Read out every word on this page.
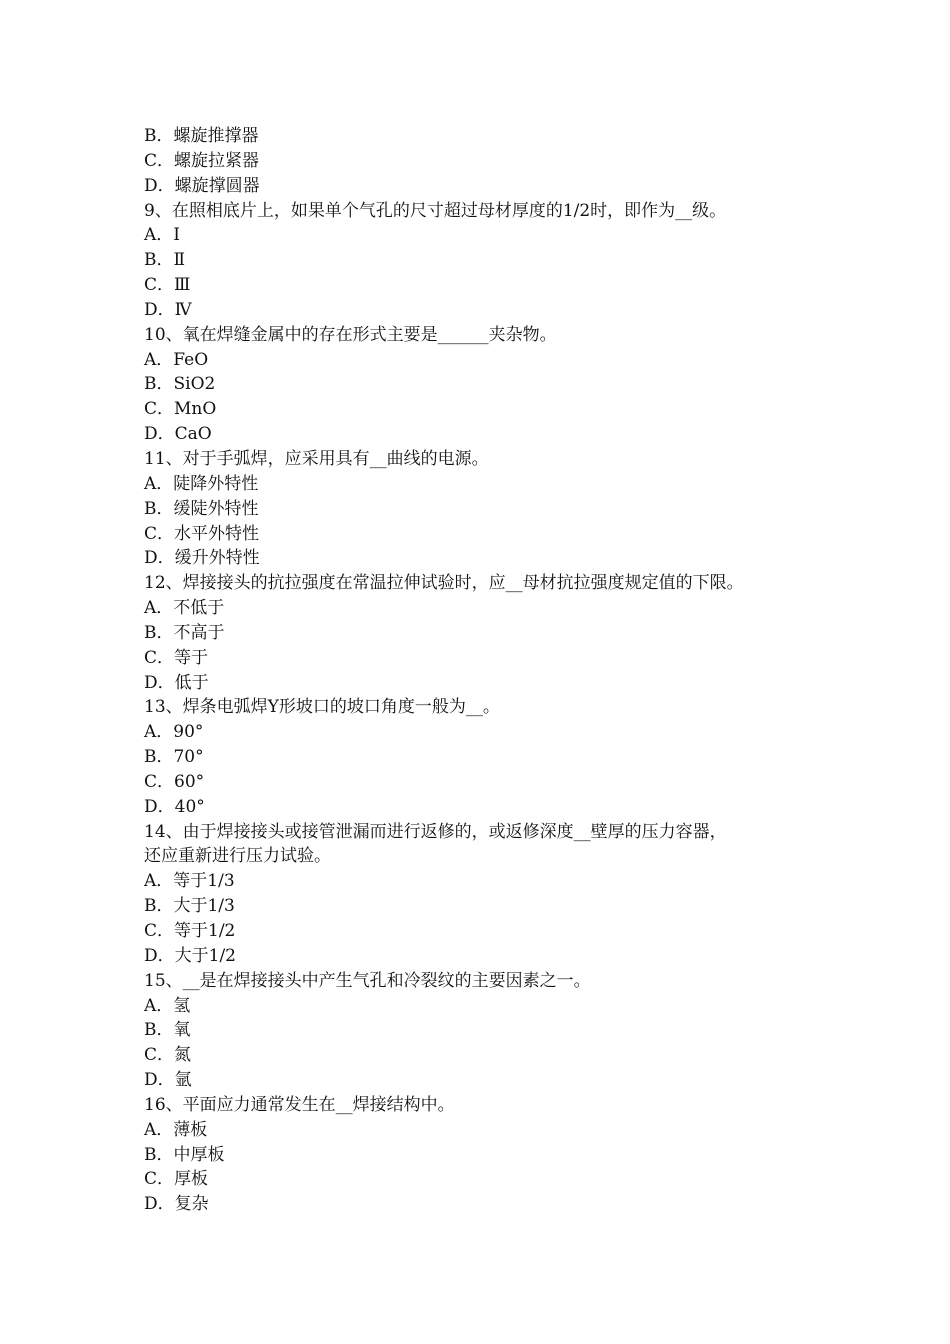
B．螺旋推撑器
C．螺旋拉紧器
D．螺旋撑圆器
9、在照相底片上，如果单个气孔的尺寸超过母材厚度的1/2时，即作为__级。
A．Ⅰ
B．Ⅱ
C．Ⅲ
D．Ⅳ
10、氧在焊缝金属中的存在形式主要是______夹杂物。
A．FeO
B．SiO2
C．MnO
D．CaO
11、对于手弧焊，应采用具有__曲线的电源。
A．陡降外特性
B．缓陡外特性
C．水平外特性
D．缓升外特性
12、焊接接头的抗拉强度在常温拉伸试验时，应__母材抗拉强度规定值的下限。
A．不低于
B．不高于
C．等于
D．低于
13、焊条电弧焊Y形坡口的坡口角度一般为__。
A．90°
B．70°
C．60°
D．40°
14、由于焊接接头或接管泄漏而进行返修的，或返修深度__壁厚的压力容器，
还应重新进行压力试验。
A．等于1/3
B．大于1/3
C．等于1/2
D．大于1/2
15、__是在焊接接头中产生气孔和冷裂纹的主要因素之一。
A．氢
B．氧
C．氮
D．氩
16、平面应力通常发生在__焊接结构中。
A．薄板
B．中厚板
C．厚板
D．复杂
